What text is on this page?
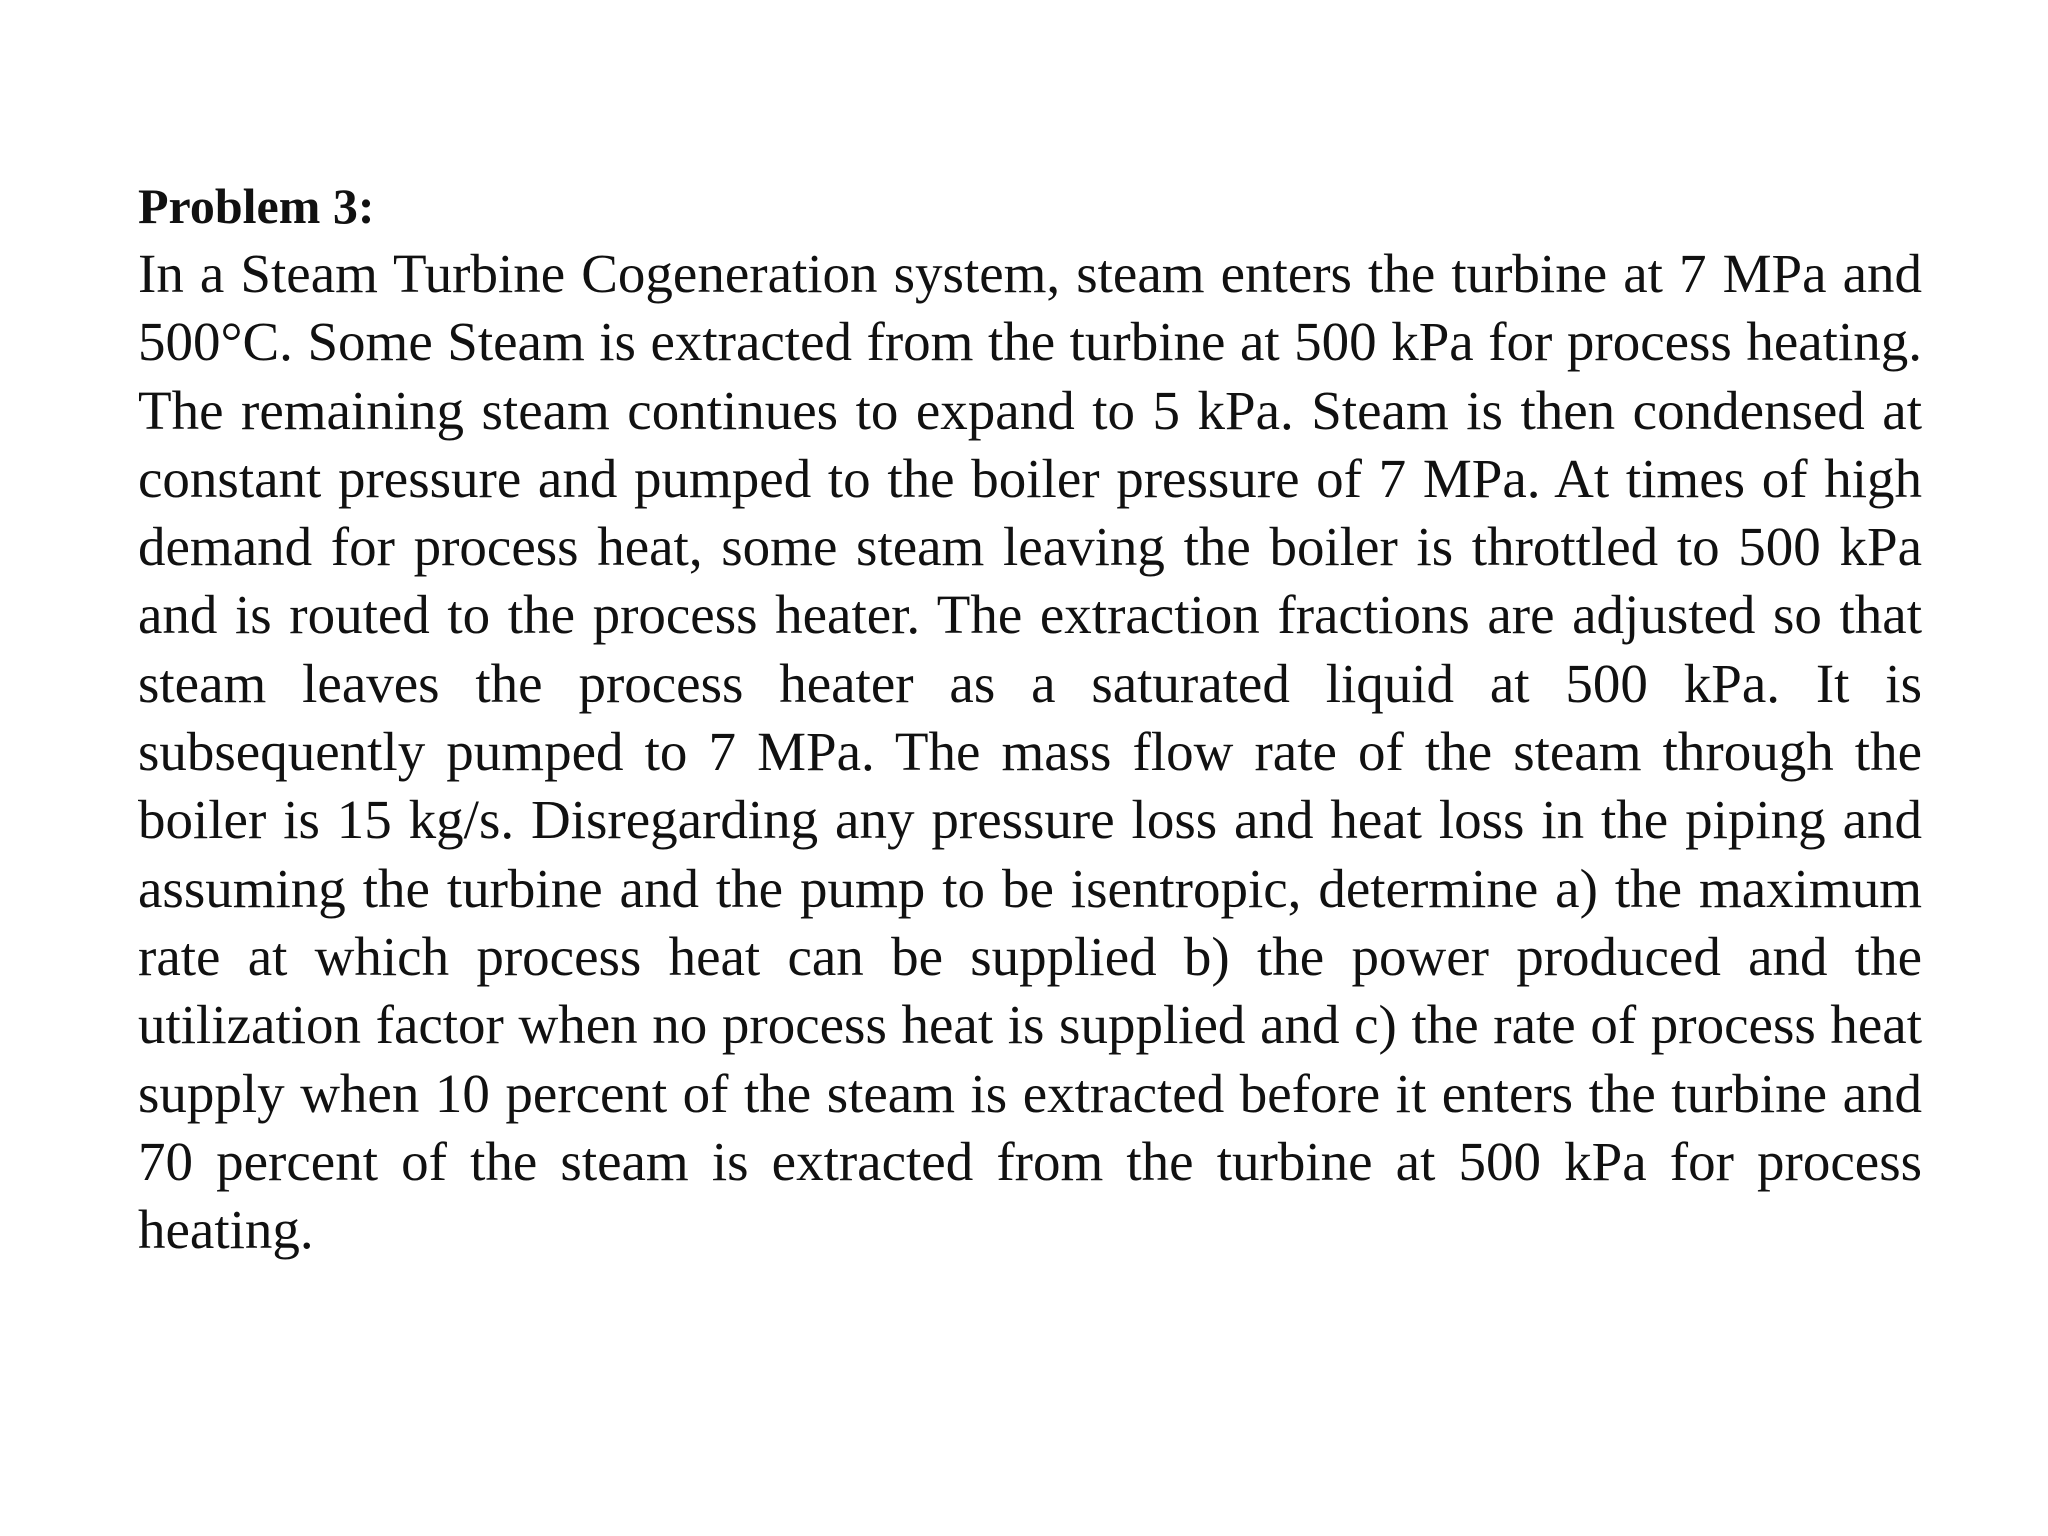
Problem 3:

In a Steam Turbine Cogeneration system, steam enters the turbine at 7 MPa and 500°C. Some Steam is extracted from the turbine at 500 kPa for process heating. The remaining steam continues to expand to 5 kPa. Steam is then condensed at constant pressure and pumped to the boiler pressure of 7 MPa. At times of high demand for process heat, some steam leaving the boiler is throttled to 500 kPa and is routed to the process heater. The extraction fractions are adjusted so that steam leaves the process heater as a saturated liquid at 500 kPa. It is subsequently pumped to 7 MPa. The mass flow rate of the steam through the boiler is 15 kg/s. Disregarding any pressure loss and heat loss in the piping and assuming the turbine and the pump to be isentropic, determine a) the maximum rate at which process heat can be supplied b) the power produced and the utilization factor when no process heat is supplied and c) the rate of process heat supply when 10 percent of the steam is extracted before it enters the turbine and 70 percent of the steam is extracted from the turbine at 500 kPa for process heating.
